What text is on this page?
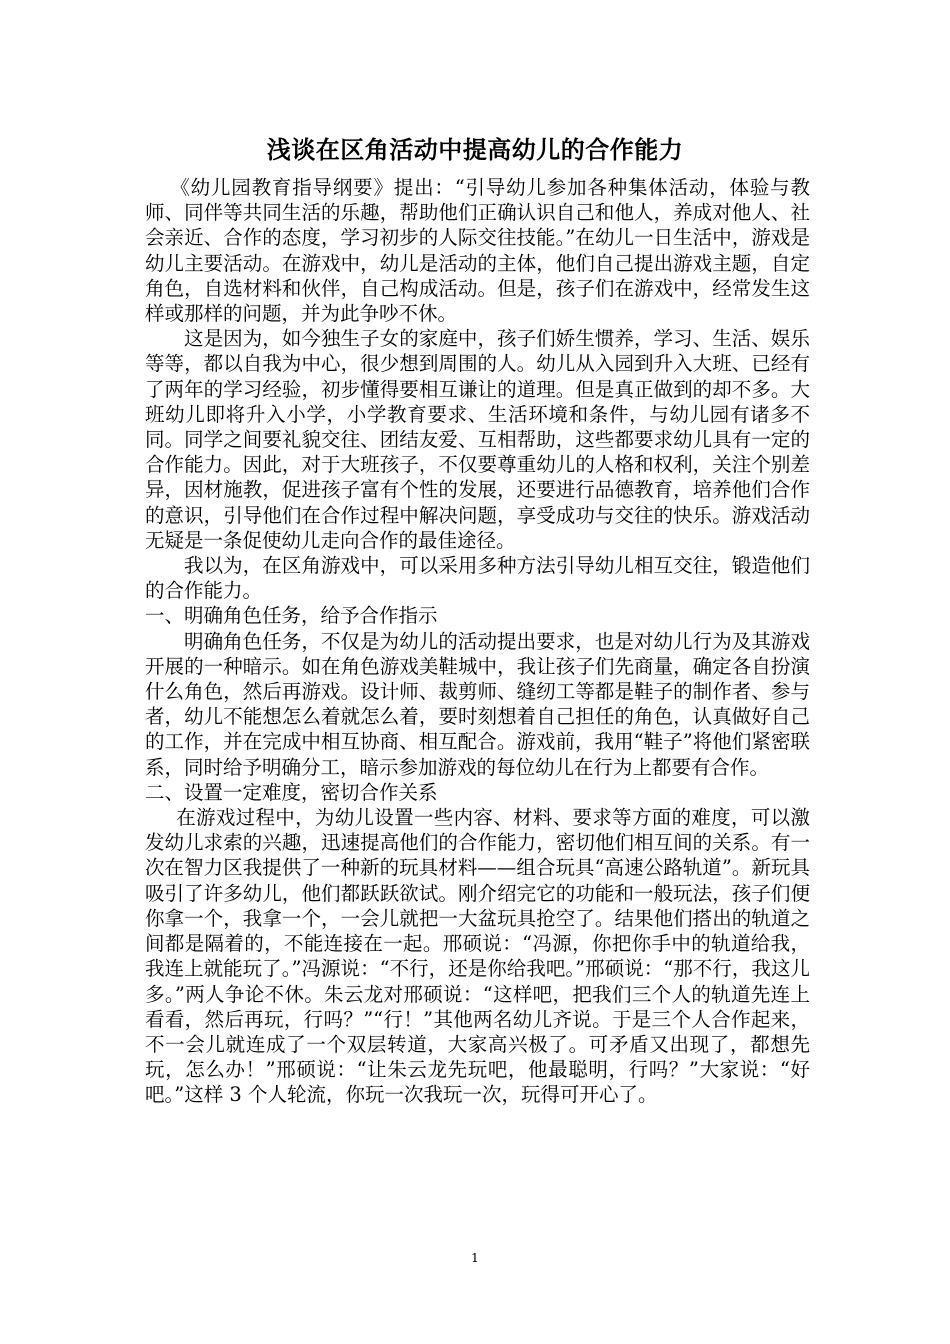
浅谈在区角活动中提高幼儿的合作能力

《幼儿园教育指导纲要》提出：“引导幼儿参加各种集体活动，体验与教师、同伴等共同生活的乐趣，帮助他们正确认识自己和他人，养成对他人、社会亲近、合作的态度，学习初步的人际交往技能。”在幼儿一日生活中，游戏是幼儿主要活动。在游戏中，幼儿是活动的主体，他们自己提出游戏主题，自定角色，自选材料和伙伴，自己构成活动。但是，孩子们在游戏中，经常发生这样或那样的问题，并为此争吵不休。

这是因为，如今独生子女的家庭中，孩子们娇生惯养，学习、生活、娱乐等等，都以自我为中心，很少想到周围的人。幼儿从入园到升入大班、已经有了两年的学习经验，初步懂得要相互谦让的道理。但是真正做到的却不多。大班幼儿即将升入小学，小学教育要求、生活环境和条件，与幼儿园有诸多不同。同学之间要礼貌交往、团结友爱、互相帮助，这些都要求幼儿具有一定的合作能力。因此，对于大班孩子，不仅要尊重幼儿的人格和权利，关注个别差异，因材施教，促进孩子富有个性的发展，还要进行品德教育，培养他们合作的意识，引导他们在合作过程中解决问题，享受成功与交往的快乐。游戏活动无疑是一条促使幼儿走向合作的最佳途径。

我以为，在区角游戏中，可以采用多种方法引导幼儿相互交往，锻造他们的合作能力。

一、明确角色任务，给予合作指示

明确角色任务，不仅是为幼儿的活动提出要求，也是对幼儿行为及其游戏开展的一种暗示。如在角色游戏美鞋城中，我让孩子们先商量，确定各自扮演什么角色，然后再游戏。设计师、裁剪师、缝纫工等都是鞋子的制作者、参与者，幼儿不能想怎么着就怎么着，要时刻想着自己担任的角色，认真做好自己的工作，并在完成中相互协商、相互配合。游戏前，我用“鞋子”将他们紧密联系，同时给予明确分工，暗示参加游戏的每位幼儿在行为上都要有合作。

二、设置一定难度，密切合作关系

在游戏过程中，为幼儿设置一些内容、材料、要求等方面的难度，可以激发幼儿求索的兴趣，迅速提高他们的合作能力，密切他们相互间的关系。有一次在智力区我提供了一种新的玩具材料——组合玩具“高速公路轨道”。新玩具吸引了许多幼儿，他们都跃跃欲试。刚介绍完它的功能和一般玩法，孩子们便你拿一个，我拿一个，一会儿就把一大盆玩具抢空了。结果他们搭出的轨道之间都是隔着的，不能连接在一起。邢硕说：“冯源，你把你手中的轨道给我，我连上就能玩了。”冯源说：“不行，还是你给我吧。”邢硕说：“那不行，我这儿多。”两人争论不休。朱云龙对邢硕说：“这样吧，把我们三个人的轨道先连上看看，然后再玩，行吗？”“行！”其他两名幼儿齐说。于是三个人合作起来，不一会儿就连成了一个双层转道，大家高兴极了。可矛盾又出现了，都想先玩，怎么办！”邢硕说：“让朱云龙先玩吧，他最聪明，行吗？”大家说：“好吧。”这样 3 个人轮流，你玩一次我玩一次，玩得可开心了。

1
